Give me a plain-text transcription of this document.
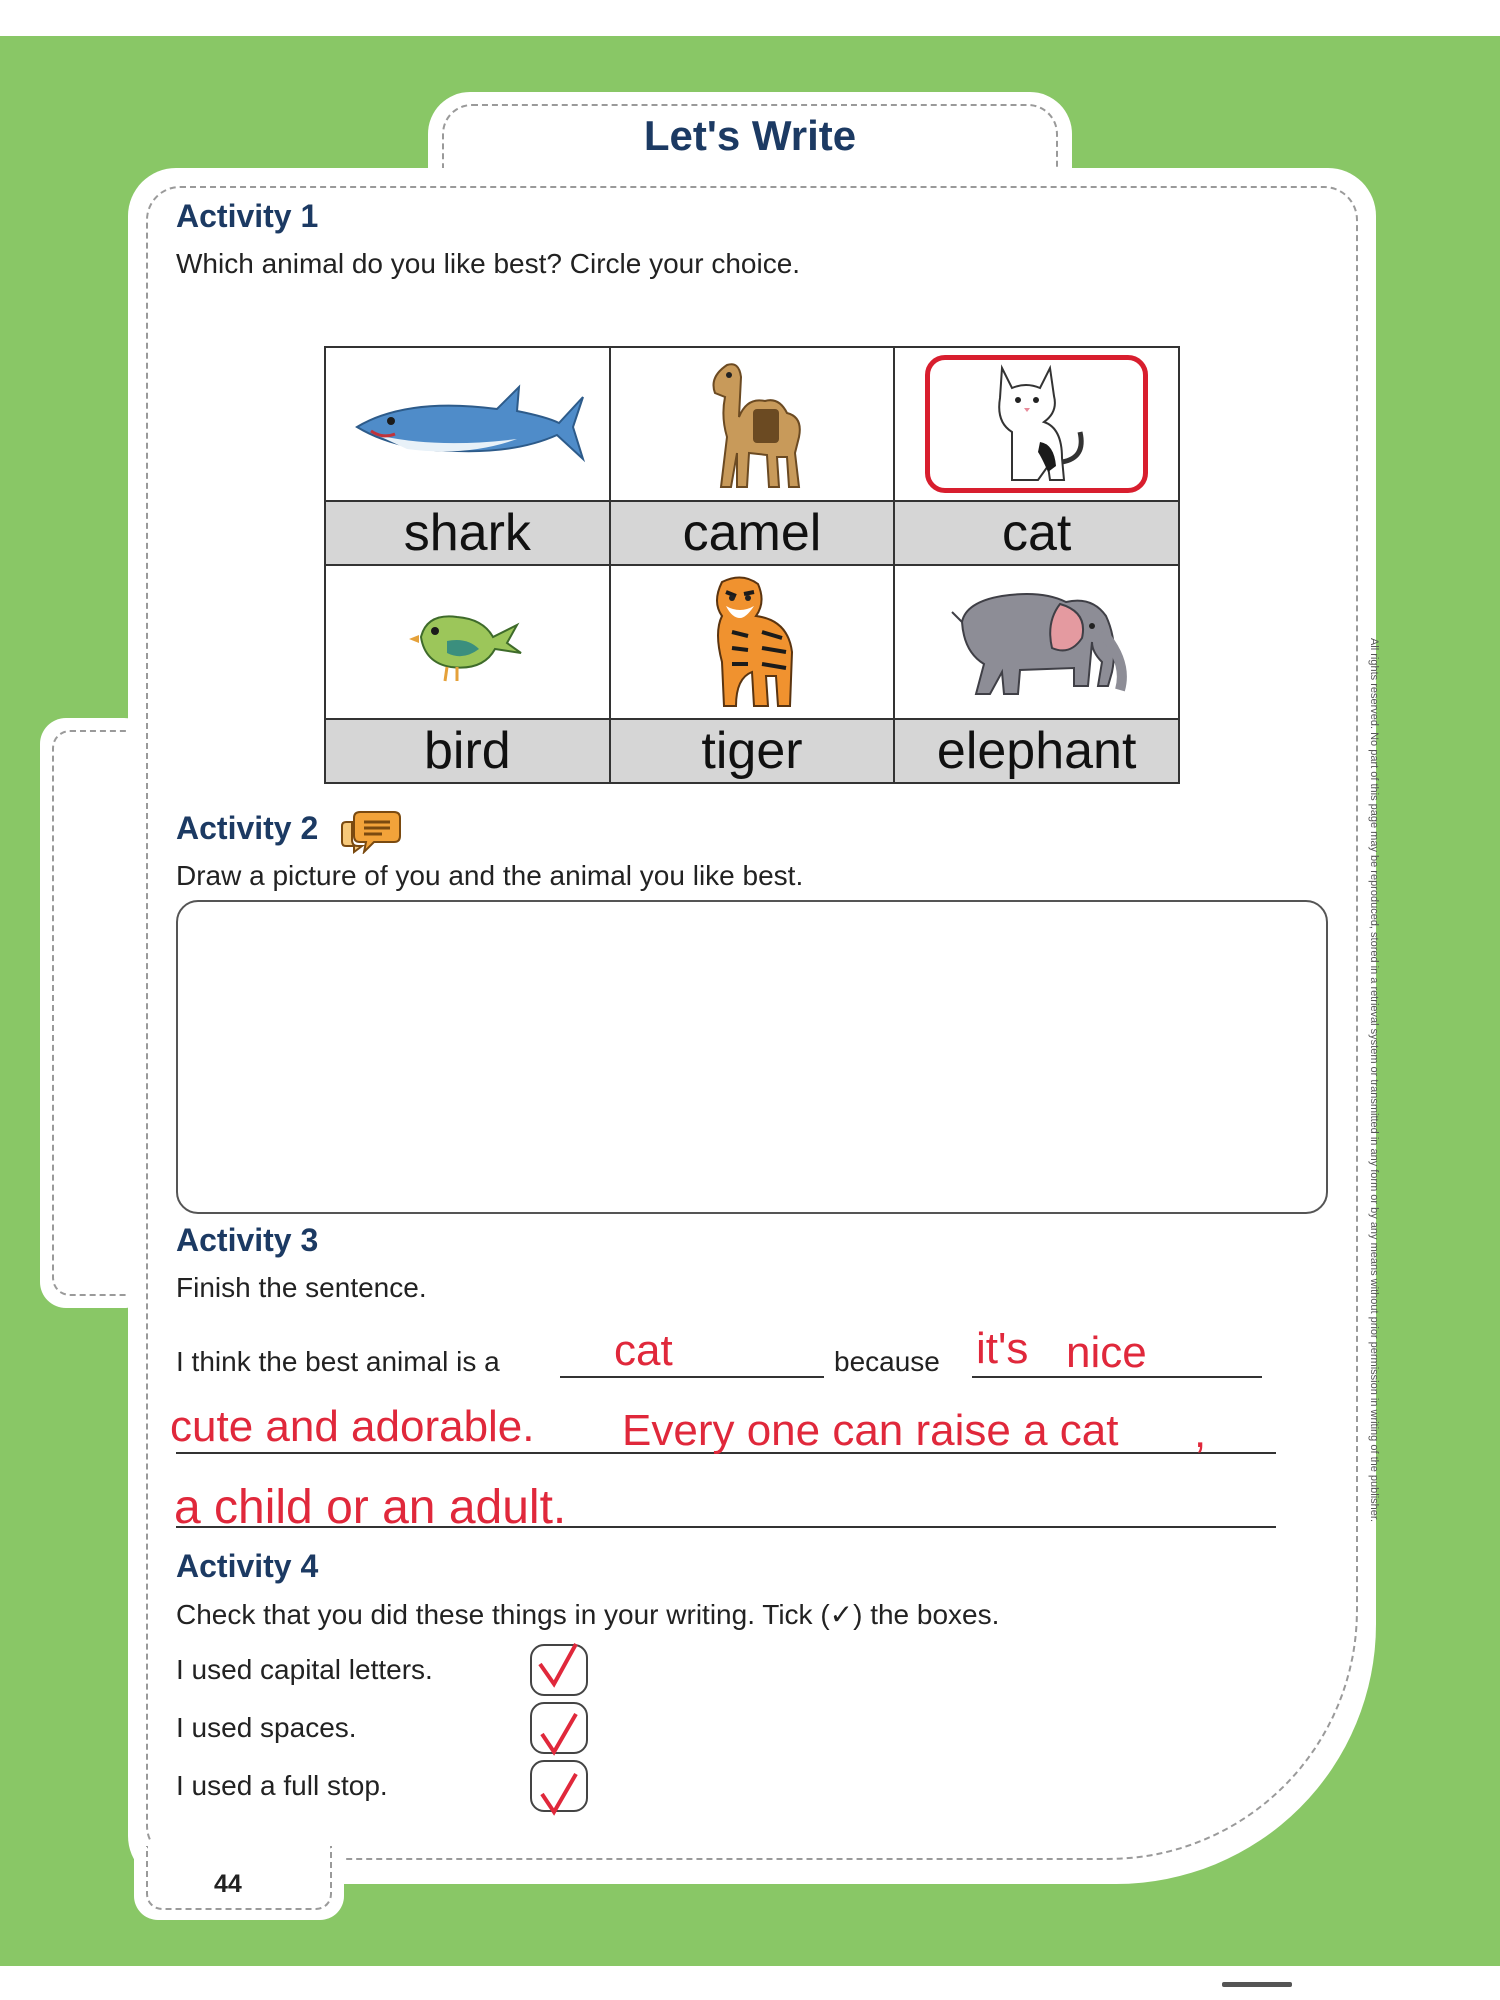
Let's Write
All rights reserved. No part of this page may be reproduced, stored in a retrieval system or transmitted in any form or by any means without prior permission in writing of the publisher.
Activity 1
Which animal do you like best? Circle your choice.
shark	camel	cat
bird	tiger	elephant
Activity 2
Draw a picture of you and the animal you like best.
Activity 3
Finish the sentence.
I think the best animal is a	cat	because it's nice
cute and adorable. Every one can raise a cat ,
a child or an adult.
Activity 4
Check that you did these things in your writing. Tick (✓) the boxes.
I used capital letters.
I used spaces.
I used a full stop.
44
